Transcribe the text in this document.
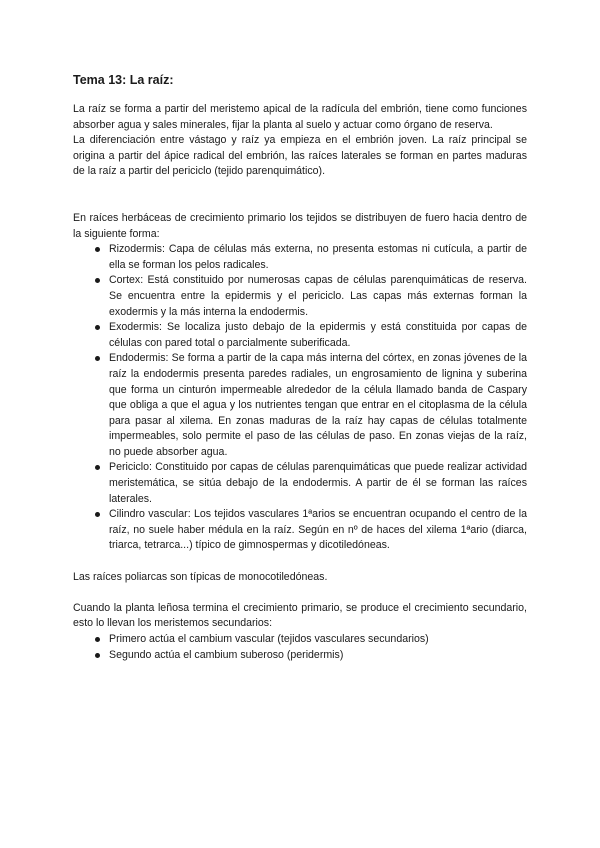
Tema 13: La raíz:

La raíz se forma a partir del meristemo apical de la radícula del embrión, tiene como funciones absorber agua y sales minerales, fijar la planta al suelo y actuar como órgano de reserva.

La diferenciación entre vástago y raíz ya empieza en el embrión joven. La raíz principal se origina a partir del ápice radical del embrión, las raíces laterales se forman en partes maduras de la raíz a partir del periciclo (tejido parenquimático).

En raíces herbáceas de crecimiento primario los tejidos se distribuyen de fuero hacia dentro de la siguiente forma:

Rizodermis: Capa de células más externa, no presenta estomas ni cutícula, a partir de ella se forman los pelos radicales.
Cortex: Está constituido por numerosas capas de células parenquimáticas de reserva. Se encuentra entre la epidermis y el periciclo. Las capas más externas forman la exodermis y la más interna la endodermis.
Exodermis: Se localiza justo debajo de la epidermis y está constituida por capas de células con pared total o parcialmente suberificada.
Endodermis: Se forma a partir de la capa más interna del córtex, en zonas jóvenes de la raíz la endodermis presenta paredes radiales, un engrosamiento de lignina y suberina que forma un cinturón impermeable alrededor de la célula llamado banda de Caspary que obliga a que el agua y los nutrientes tengan que entrar en el citoplasma de la célula para pasar al xilema. En zonas maduras de la raíz hay capas de células totalmente impermeables, solo permite el paso de las células de paso. En zonas viejas de la raíz, no puede absorber agua.
Periciclo: Constituido por capas de células parenquimáticas que puede realizar actividad meristemática, se sitúa debajo de la endodermis. A partir de él se forman las raíces laterales.
Cilindro vascular: Los tejidos vasculares 1ªarios se encuentran ocupando el centro de la raíz, no suele haber médula en la raíz. Según en nº de haces del xilema 1ªario (diarca, triarca, tetrarca...) típico de gimnospermas y dicotiledóneas.

Las raíces poliarcas son típicas de monocotiledóneas.

Cuando la planta leñosa termina el crecimiento primario, se produce el crecimiento secundario, esto lo llevan los meristemos secundarios:

Primero actúa el cambium vascular (tejidos vasculares secundarios)
Segundo actúa el cambium suberoso (peridermis)
